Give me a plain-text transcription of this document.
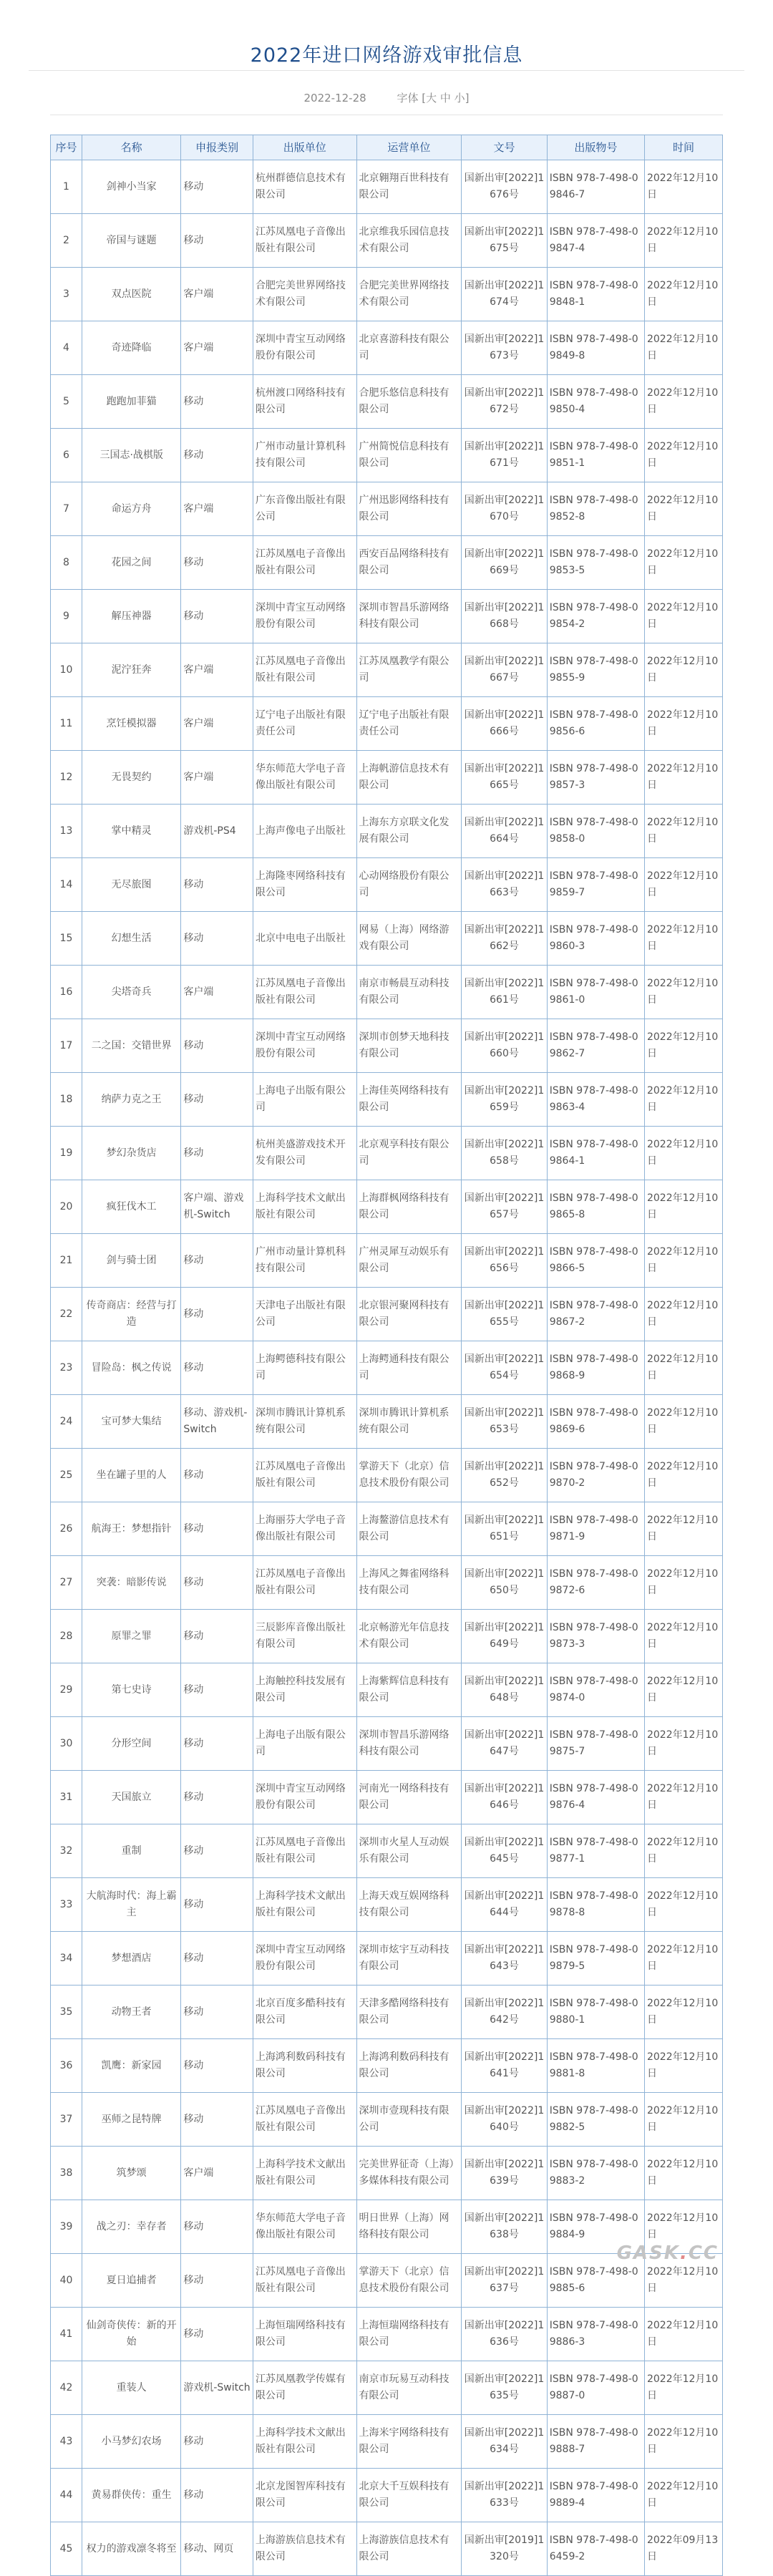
2022年进口网络游戏审批信息
2022-12-28	字体 [大 中 小]
序号	名称	申报类别	出版单位	运营单位	文号	出版物号	时间
1	剑神小当家	移动	杭州群德信息技术有限公司	北京翱翔百世科技有限公司	国新出审[2022]1676号	ISBN 978-7-498-09846-7	2022年12月10日
2	帝国与谜题	移动	江苏凤凰电子音像出版社有限公司	北京维我乐园信息技术有限公司	国新出审[2022]1675号	ISBN 978-7-498-09847-4	2022年12月10日
3	双点医院	客户端	合肥完美世界网络技术有限公司	合肥完美世界网络技术有限公司	国新出审[2022]1674号	ISBN 978-7-498-09848-1	2022年12月10日
4	奇迹降临	客户端	深圳中青宝互动网络股份有限公司	北京喜游科技有限公司	国新出审[2022]1673号	ISBN 978-7-498-09849-8	2022年12月10日
5	跑跑加菲猫	移动	杭州渡口网络科技有限公司	合肥乐悠信息科技有限公司	国新出审[2022]1672号	ISBN 978-7-498-09850-4	2022年12月10日
6	三国志·战棋版	移动	广州市动量计算机科技有限公司	广州简悦信息科技有限公司	国新出审[2022]1671号	ISBN 978-7-498-09851-1	2022年12月10日
7	命运方舟	客户端	广东音像出版社有限公司	广州迅影网络科技有限公司	国新出审[2022]1670号	ISBN 978-7-498-09852-8	2022年12月10日
8	花园之间	移动	江苏凤凰电子音像出版社有限公司	西安百品网络科技有限公司	国新出审[2022]1669号	ISBN 978-7-498-09853-5	2022年12月10日
9	解压神器	移动	深圳中青宝互动网络股份有限公司	深圳市智昌乐游网络科技有限公司	国新出审[2022]1668号	ISBN 978-7-498-09854-2	2022年12月10日
10	泥泞狂奔	客户端	江苏凤凰电子音像出版社有限公司	江苏凤凰教学有限公司	国新出审[2022]1667号	ISBN 978-7-498-09855-9	2022年12月10日
11	烹饪模拟器	客户端	辽宁电子出版社有限责任公司	辽宁电子出版社有限责任公司	国新出审[2022]1666号	ISBN 978-7-498-09856-6	2022年12月10日
12	无畏契约	客户端	华东师范大学电子音像出版社有限公司	上海帆游信息技术有限公司	国新出审[2022]1665号	ISBN 978-7-498-09857-3	2022年12月10日
13	掌中精灵	游戏机-PS4	上海声像电子出版社	上海东方京联文化发展有限公司	国新出审[2022]1664号	ISBN 978-7-498-09858-0	2022年12月10日
14	无尽旅图	移动	上海隆枣网络科技有限公司	心动网络股份有限公司	国新出审[2022]1663号	ISBN 978-7-498-09859-7	2022年12月10日
15	幻想生活	移动	北京中电电子出版社	网易（上海）网络游戏有限公司	国新出审[2022]1662号	ISBN 978-7-498-09860-3	2022年12月10日
16	尖塔奇兵	客户端	江苏凤凰电子音像出版社有限公司	南京市畅晨互动科技有限公司	国新出审[2022]1661号	ISBN 978-7-498-09861-0	2022年12月10日
17	二之国：交错世界	移动	深圳中青宝互动网络股份有限公司	深圳市创梦天地科技有限公司	国新出审[2022]1660号	ISBN 978-7-498-09862-7	2022年12月10日
18	纳萨力克之王	移动	上海电子出版有限公司	上海佳英网络科技有限公司	国新出审[2022]1659号	ISBN 978-7-498-09863-4	2022年12月10日
19	梦幻杂货店	移动	杭州美盛游戏技术开发有限公司	北京观享科技有限公司	国新出审[2022]1658号	ISBN 978-7-498-09864-1	2022年12月10日
20	疯狂伐木工	客户端、游戏机-Switch	上海科学技术文献出版社有限公司	上海群枫网络科技有限公司	国新出审[2022]1657号	ISBN 978-7-498-09865-8	2022年12月10日
21	剑与骑士团	移动	广州市动量计算机科技有限公司	广州灵犀互动娱乐有限公司	国新出审[2022]1656号	ISBN 978-7-498-09866-5	2022年12月10日
22	传奇商店：经营与打造	移动	天津电子出版社有限公司	北京银河聚网科技有限公司	国新出审[2022]1655号	ISBN 978-7-498-09867-2	2022年12月10日
23	冒险岛：枫之传说	移动	上海鳄德科技有限公司	上海鳄通科技有限公司	国新出审[2022]1654号	ISBN 978-7-498-09868-9	2022年12月10日
24	宝可梦大集结	移动、游戏机-Switch	深圳市腾讯计算机系统有限公司	深圳市腾讯计算机系统有限公司	国新出审[2022]1653号	ISBN 978-7-498-09869-6	2022年12月10日
25	坐在罐子里的人	移动	江苏凤凰电子音像出版社有限公司	掌游天下（北京）信息技术股份有限公司	国新出审[2022]1652号	ISBN 978-7-498-09870-2	2022年12月10日
26	航海王：梦想指针	移动	上海丽芬大学电子音像出版社有限公司	上海鳌游信息技术有限公司	国新出审[2022]1651号	ISBN 978-7-498-09871-9	2022年12月10日
27	突袭：暗影传说	移动	江苏凤凰电子音像出版社有限公司	上海风之舞雀网络科技有限公司	国新出审[2022]1650号	ISBN 978-7-498-09872-6	2022年12月10日
28	原罪之罪	移动	三辰影库音像出版社有限公司	北京畅游光年信息技术有限公司	国新出审[2022]1649号	ISBN 978-7-498-09873-3	2022年12月10日
29	第七史诗	移动	上海触控科技发展有限公司	上海紫辉信息科技有限公司	国新出审[2022]1648号	ISBN 978-7-498-09874-0	2022年12月10日
30	分形空间	移动	上海电子出版有限公司	深圳市智昌乐游网络科技有限公司	国新出审[2022]1647号	ISBN 978-7-498-09875-7	2022年12月10日
31	天国旅立	移动	深圳中青宝互动网络股份有限公司	河南光一网络科技有限公司	国新出审[2022]1646号	ISBN 978-7-498-09876-4	2022年12月10日
32	重制	移动	江苏凤凰电子音像出版社有限公司	深圳市火星人互动娱乐有限公司	国新出审[2022]1645号	ISBN 978-7-498-09877-1	2022年12月10日
33	大航海时代：海上霸主	移动	上海科学技术文献出版社有限公司	上海天戏互娱网络科技有限公司	国新出审[2022]1644号	ISBN 978-7-498-09878-8	2022年12月10日
34	梦想酒店	移动	深圳中青宝互动网络股份有限公司	深圳市炫宇互动科技有限公司	国新出审[2022]1643号	ISBN 978-7-498-09879-5	2022年12月10日
35	动物王者	移动	北京百度多酷科技有限公司	天津多酷网络科技有限公司	国新出审[2022]1642号	ISBN 978-7-498-09880-1	2022年12月10日
36	凯鹰：新家园	移动	上海鸿利数码科技有限公司	上海鸿利数码科技有限公司	国新出审[2022]1641号	ISBN 978-7-498-09881-8	2022年12月10日
37	巫师之昆特牌	移动	江苏凤凰电子音像出版社有限公司	深圳市壹现科技有限公司	国新出审[2022]1640号	ISBN 978-7-498-09882-5	2022年12月10日
38	筑梦颂	客户端	上海科学技术文献出版社有限公司	完美世界征奇（上海）多媒体科技有限公司	国新出审[2022]1639号	ISBN 978-7-498-09883-2	2022年12月10日
39	战之刃：幸存者	移动	华东师范大学电子音像出版社有限公司	明日世界（上海）网络科技有限公司	国新出审[2022]1638号	ISBN 978-7-498-09884-9	2022年12月10日
40	夏日追捕者	移动	江苏凤凰电子音像出版社有限公司	掌游天下（北京）信息技术股份有限公司	国新出审[2022]1637号	ISBN 978-7-498-09885-6	2022年12月10日
41	仙剑奇侠传：新的开始	移动	上海恒瑞网络科技有限公司	上海恒瑞网络科技有限公司	国新出审[2022]1636号	ISBN 978-7-498-09886-3	2022年12月10日
42	重装人	游戏机-Switch	江苏凤凰教学传媒有限公司	南京市玩易互动科技有限公司	国新出审[2022]1635号	ISBN 978-7-498-09887-0	2022年12月10日
43	小马梦幻农场	移动	上海科学技术文献出版社有限公司	上海米宇网络科技有限公司	国新出审[2022]1634号	ISBN 978-7-498-09888-7	2022年12月10日
44	黄易群侠传：重生	移动	北京龙图智库科技有限公司	北京大千互娱科技有限公司	国新出审[2022]1633号	ISBN 978-7-498-09889-4	2022年12月10日
45	权力的游戏凛冬将至	移动、网页	上海游族信息技术有限公司	上海游族信息技术有限公司	国新出审[2019]1320号	ISBN 978-7-498-06459-2	2022年09月13日
GASK.CC
